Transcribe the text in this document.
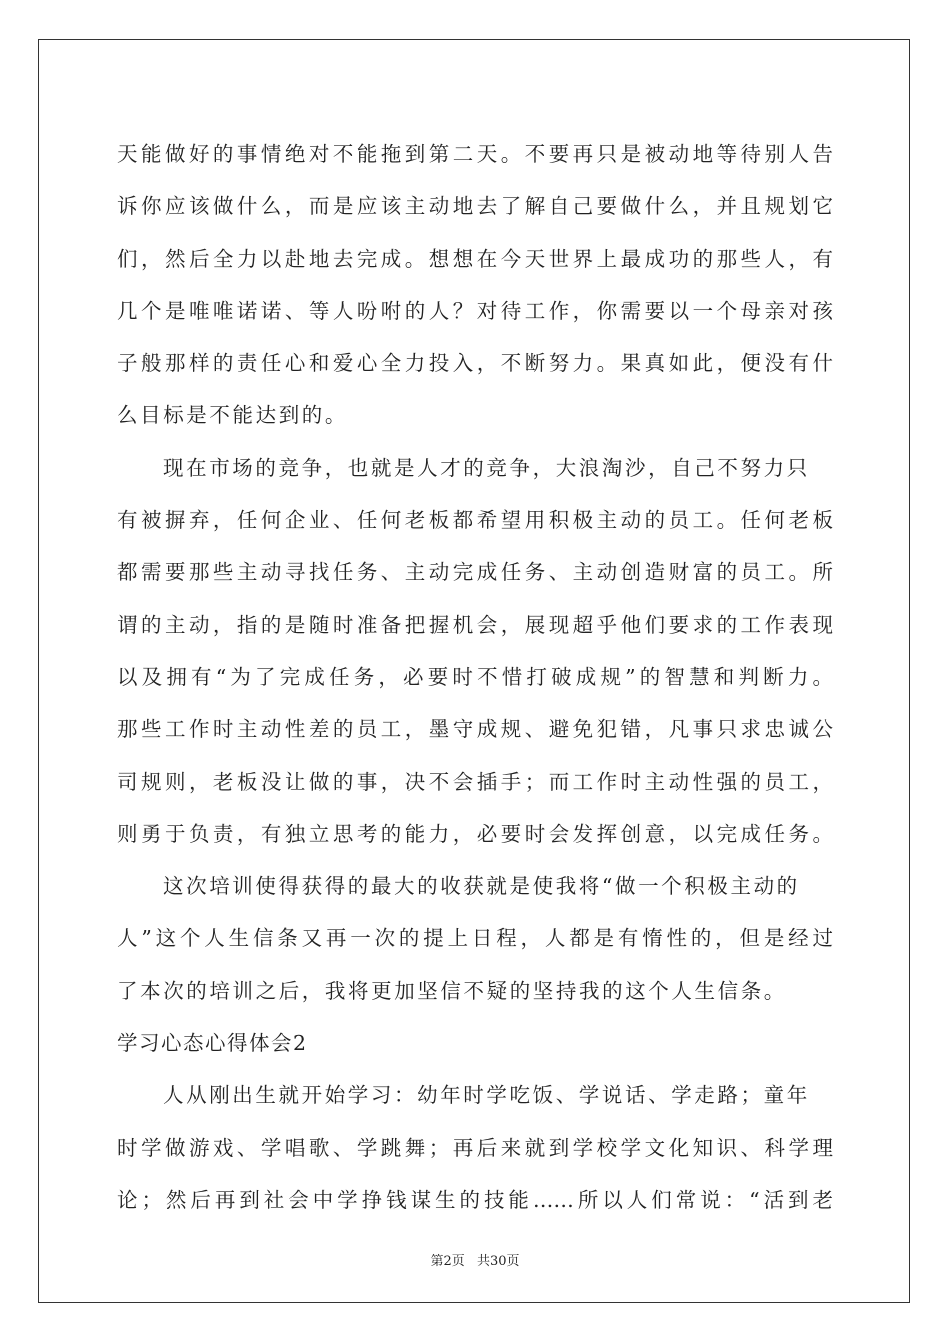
天能做好的事情绝对不能拖到第二天。不要再只是被动地等待别人告
诉你应该做什么，而是应该主动地去了解自己要做什么，并且规划它
们，然后全力以赴地去完成。想想在今天世界上最成功的那些人，有
几个是唯唯诺诺、等人吩咐的人？对待工作，你需要以一个母亲对孩
子般那样的责任心和爱心全力投入，不断努力。果真如此，便没有什
么目标是不能达到的。
现在市场的竞争，也就是人才的竞争，大浪淘沙，自己不努力只
有被摒弃，任何企业、任何老板都希望用积极主动的员工。任何老板
都需要那些主动寻找任务、主动完成任务、主动创造财富的员工。所
谓的主动，指的是随时准备把握机会，展现超乎他们要求的工作表现
以及拥有“为了完成任务，必要时不惜打破成规”的智慧和判断力。
那些工作时主动性差的员工，墨守成规、避免犯错，凡事只求忠诚公
司规则，老板没让做的事，决不会插手；而工作时主动性强的员工，
则勇于负责，有独立思考的能力，必要时会发挥创意，以完成任务。
这次培训使得获得的最大的收获就是使我将“做一个积极主动的
人”这个人生信条又再一次的提上日程，人都是有惰性的，但是经过
了本次的培训之后，我将更加坚信不疑的坚持我的这个人生信条。
学习心态心得体会2
人从刚出生就开始学习：幼年时学吃饭、学说话、学走路；童年
时学做游戏、学唱歌、学跳舞；再后来就到学校学文化知识、科学理
论；然后再到社会中学挣钱谋生的技能……所以人们常说：“活到老
第2页 共30页
